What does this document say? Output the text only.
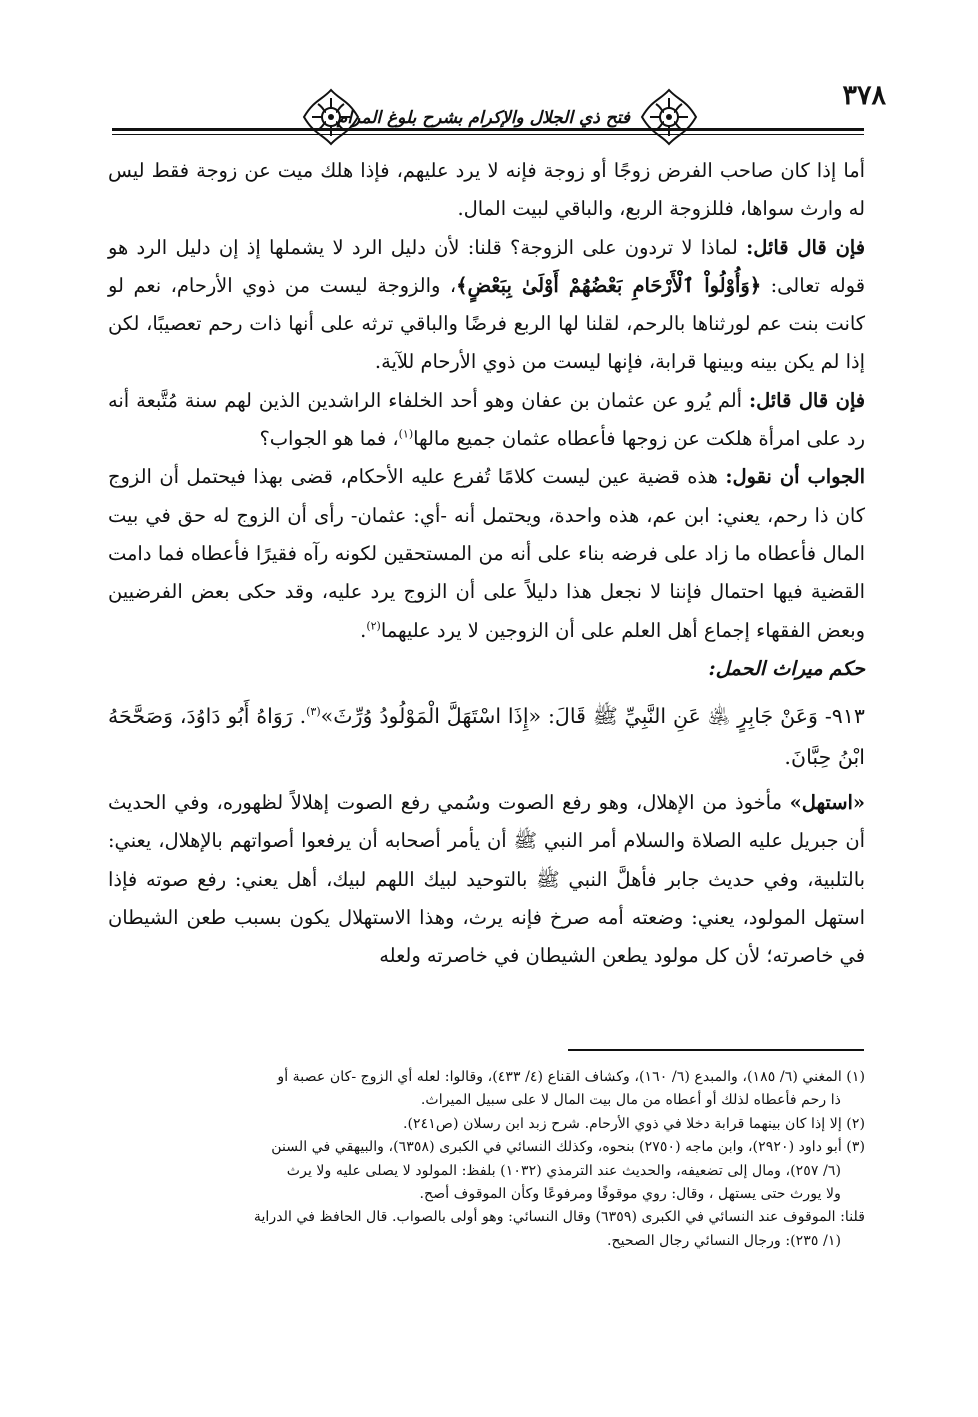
٣٧٨
فتح ذي الجلال والإكرام بشرح بلوغ المرام

أما إذا كان صاحب الفرض زوجًا أو زوجة فإنه لا يرد عليهم، فإذا هلك ميت عن زوجة فقط ليس له وارث سواها، فللزوجة الربع، والباقي لبيت المال.

فإن قال قائل: لماذا لا تردون على الزوجة؟ قلنا: لأن دليل الرد لا يشملها إذ إن دليل الرد هو قوله تعالى: ﴿وَأُوْلُواْ ٱلْأَرْحَامِ بَعْضُهُمْ أَوْلَىٰ بِبَعْضٍ﴾، والزوجة ليست من ذوي الأرحام، نعم لو كانت بنت عم لورثناها بالرحم، لقلنا لها الربع فرضًا والباقي ترثه على أنها ذات رحم تعصيبًا، لكن إذا لم يكن بينه وبينها قرابة، فإنها ليست من ذوي الأرحام للآية.

فإن قال قائل: ألم يُرو عن عثمان بن عفان وهو أحد الخلفاء الراشدين الذين لهم سنة مُتَّبعة أنه رد على امرأة هلكت عن زوجها فأعطاه عثمان جميع مالها$^{(١)}$، فما هو الجواب؟

الجواب أن نقول: هذه قضية عين ليست كلامًا تُفرع عليه الأحكام، قضى بهذا فيحتمل أن الزوج كان ذا رحم، يعني: ابن عم، هذه واحدة، ويحتمل أنه -أي: عثمان- رأى أن الزوج له حق في بيت المال فأعطاه ما زاد على فرضه بناء على أنه من المستحقين لكونه رآه فقيرًا فأعطاه فما دامت القضية فيها احتمال فإننا لا نجعل هذا دليلاً على أن الزوج يرد عليه، وقد حكى بعض الفرضيين وبعض الفقهاء إجماع أهل العلم على أن الزوجين لا يرد عليهما$^{(٢)}$.

حكم ميراث الحمل:

٩١٣- وَعَنْ جَابِرٍ ﵁ عَنِ النَّبِيِّ ﷺ قَالَ: «إِذَا اسْتَهَلَّ الْمَوْلُودُ وُرِّثَ»$^{(٣)}$. رَوَاهُ أَبُو دَاوُدَ، وَصَحَّحَهُ ابْنُ حِبَّانَ.

«استهل» مأخوذ من الإهلال، وهو رفع الصوت وسُمي رفع الصوت إهلالاً لظهوره، وفي الحديث أن جبريل عليه الصلاة والسلام أمر النبي ﷺ أن يأمر أصحابه أن يرفعوا أصواتهم بالإهلال، يعني: بالتلبية، وفي حديث جابر فأهلَّ النبي ﷺ بالتوحيد لبيك اللهم لبيك، أهل يعني: رفع صوته فإذا استهل المولود، يعني: وضعته أمه صرخ فإنه يرث، وهذا الاستهلال يكون بسبب طعن الشيطان في خاصرته؛ لأن كل مولود يطعن الشيطان في خاصرته ولعله

(١) المغني (٦/ ١٨٥)، والمبدع (٦/ ١٦٠)، وكشاف القناع (٤/ ٤٣٣)، وقالوا: لعله أي الزوج -كان عصبة أو

ذا رحم فأعطاه لذلك أو أعطاه من مال بيت المال لا على سبيل الميراث.

(٢) إلا إذا كان بينهما قرابة دخلا في ذوي الأرحام. شرح زبد ابن رسلان (ص٢٤١).

(٣) أبو داود (٢٩٢٠)، وابن ماجه (٢٧٥٠) بنحوه، وكذلك النسائي في الكبرى (٦٣٥٨)، والبيهقي في السنن

(٦/ ٢٥٧)، ومال إلى تضعيفه، والحديث عند الترمذي (١٠٣٢) بلفظ: المولود لا يصلى عليه ولا يرث

ولا يورث حتى يستهل ، وقال: روي موقوفًا ومرفوعًا وكأن الموقوف أصح.

قلنا: الموقوف عند النسائي في الكبرى (٦٣٥٩) وقال النسائي: وهو أولى بالصواب. قال الحافظ في الدراية

(١/ ٢٣٥): ورجال النسائي رجال الصحيح.
